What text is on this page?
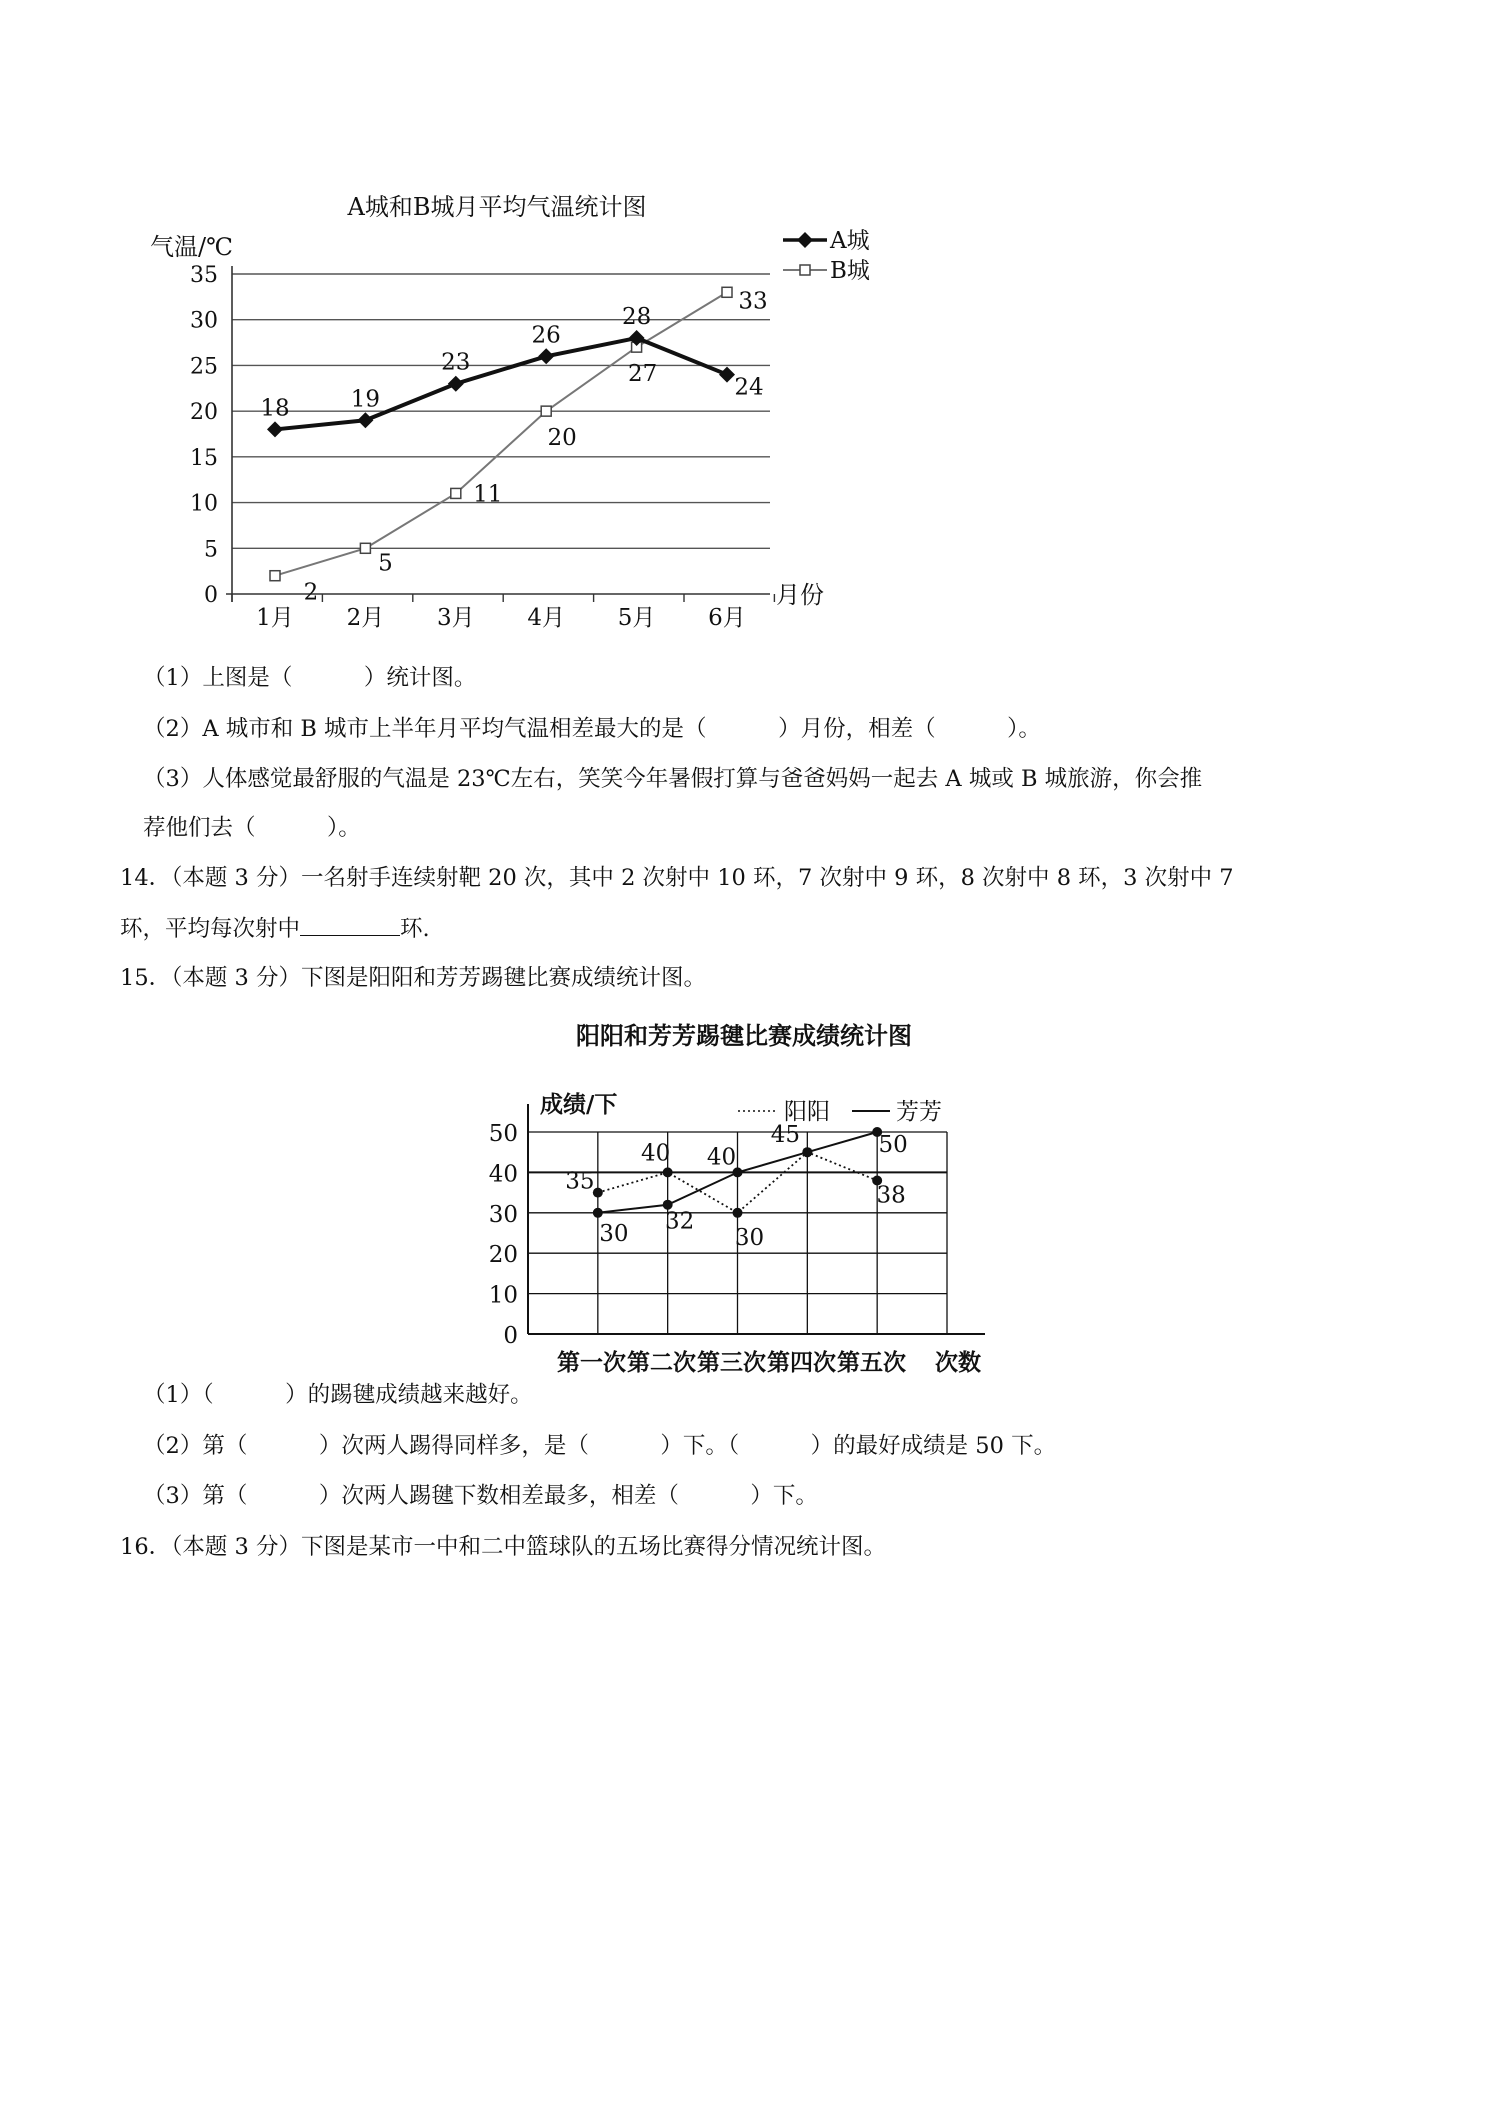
A城和B城月平均气温统计图
气温/℃
月份
0
5
10
15
20
25
30
35
1月 2月 3月 4月 5月 6月
18	19
23
26
28
24
2
5
11
20
27
33
A城
B城
（1）上图是（          ）统计图。
（2）A 城市和 B 城市上半年月平均气温相差最大的是（          ）月份，相差（          ）。
（3）人体感觉最舒服的气温是 23℃左右，笑笑今年暑假打算与爸爸妈妈一起去 A 城或 B 城旅游，你会推
荐他们去（          ）。
14．（本题 3 分）一名射手连续射靶 20 次，其中 2 次射中 10 环，7 次射中 9 环，8 次射中 8 环，3 次射中 7
环，平均每次射中	环.
15．（本题 3 分）下图是阳阳和芳芳踢毽比赛成绩统计图。
阳阳和芳芳踢毽比赛成绩统计图
成绩/下
0
10
20
30
40
50
第一次 第二次 第三次 第四次 第五次 次数
35
40
30
45
38
30 32
40	50
阳阳	芳芳
（1）（          ）的踢毽成绩越来越好。
（2）第（          ）次两人踢得同样多，是（          ）下。（          ）的最好成绩是 50 下。
（3）第（          ）次两人踢毽下数相差最多，相差（          ）下。
16．（本题 3 分）下图是某市一中和二中篮球队的五场比赛得分情况统计图。
